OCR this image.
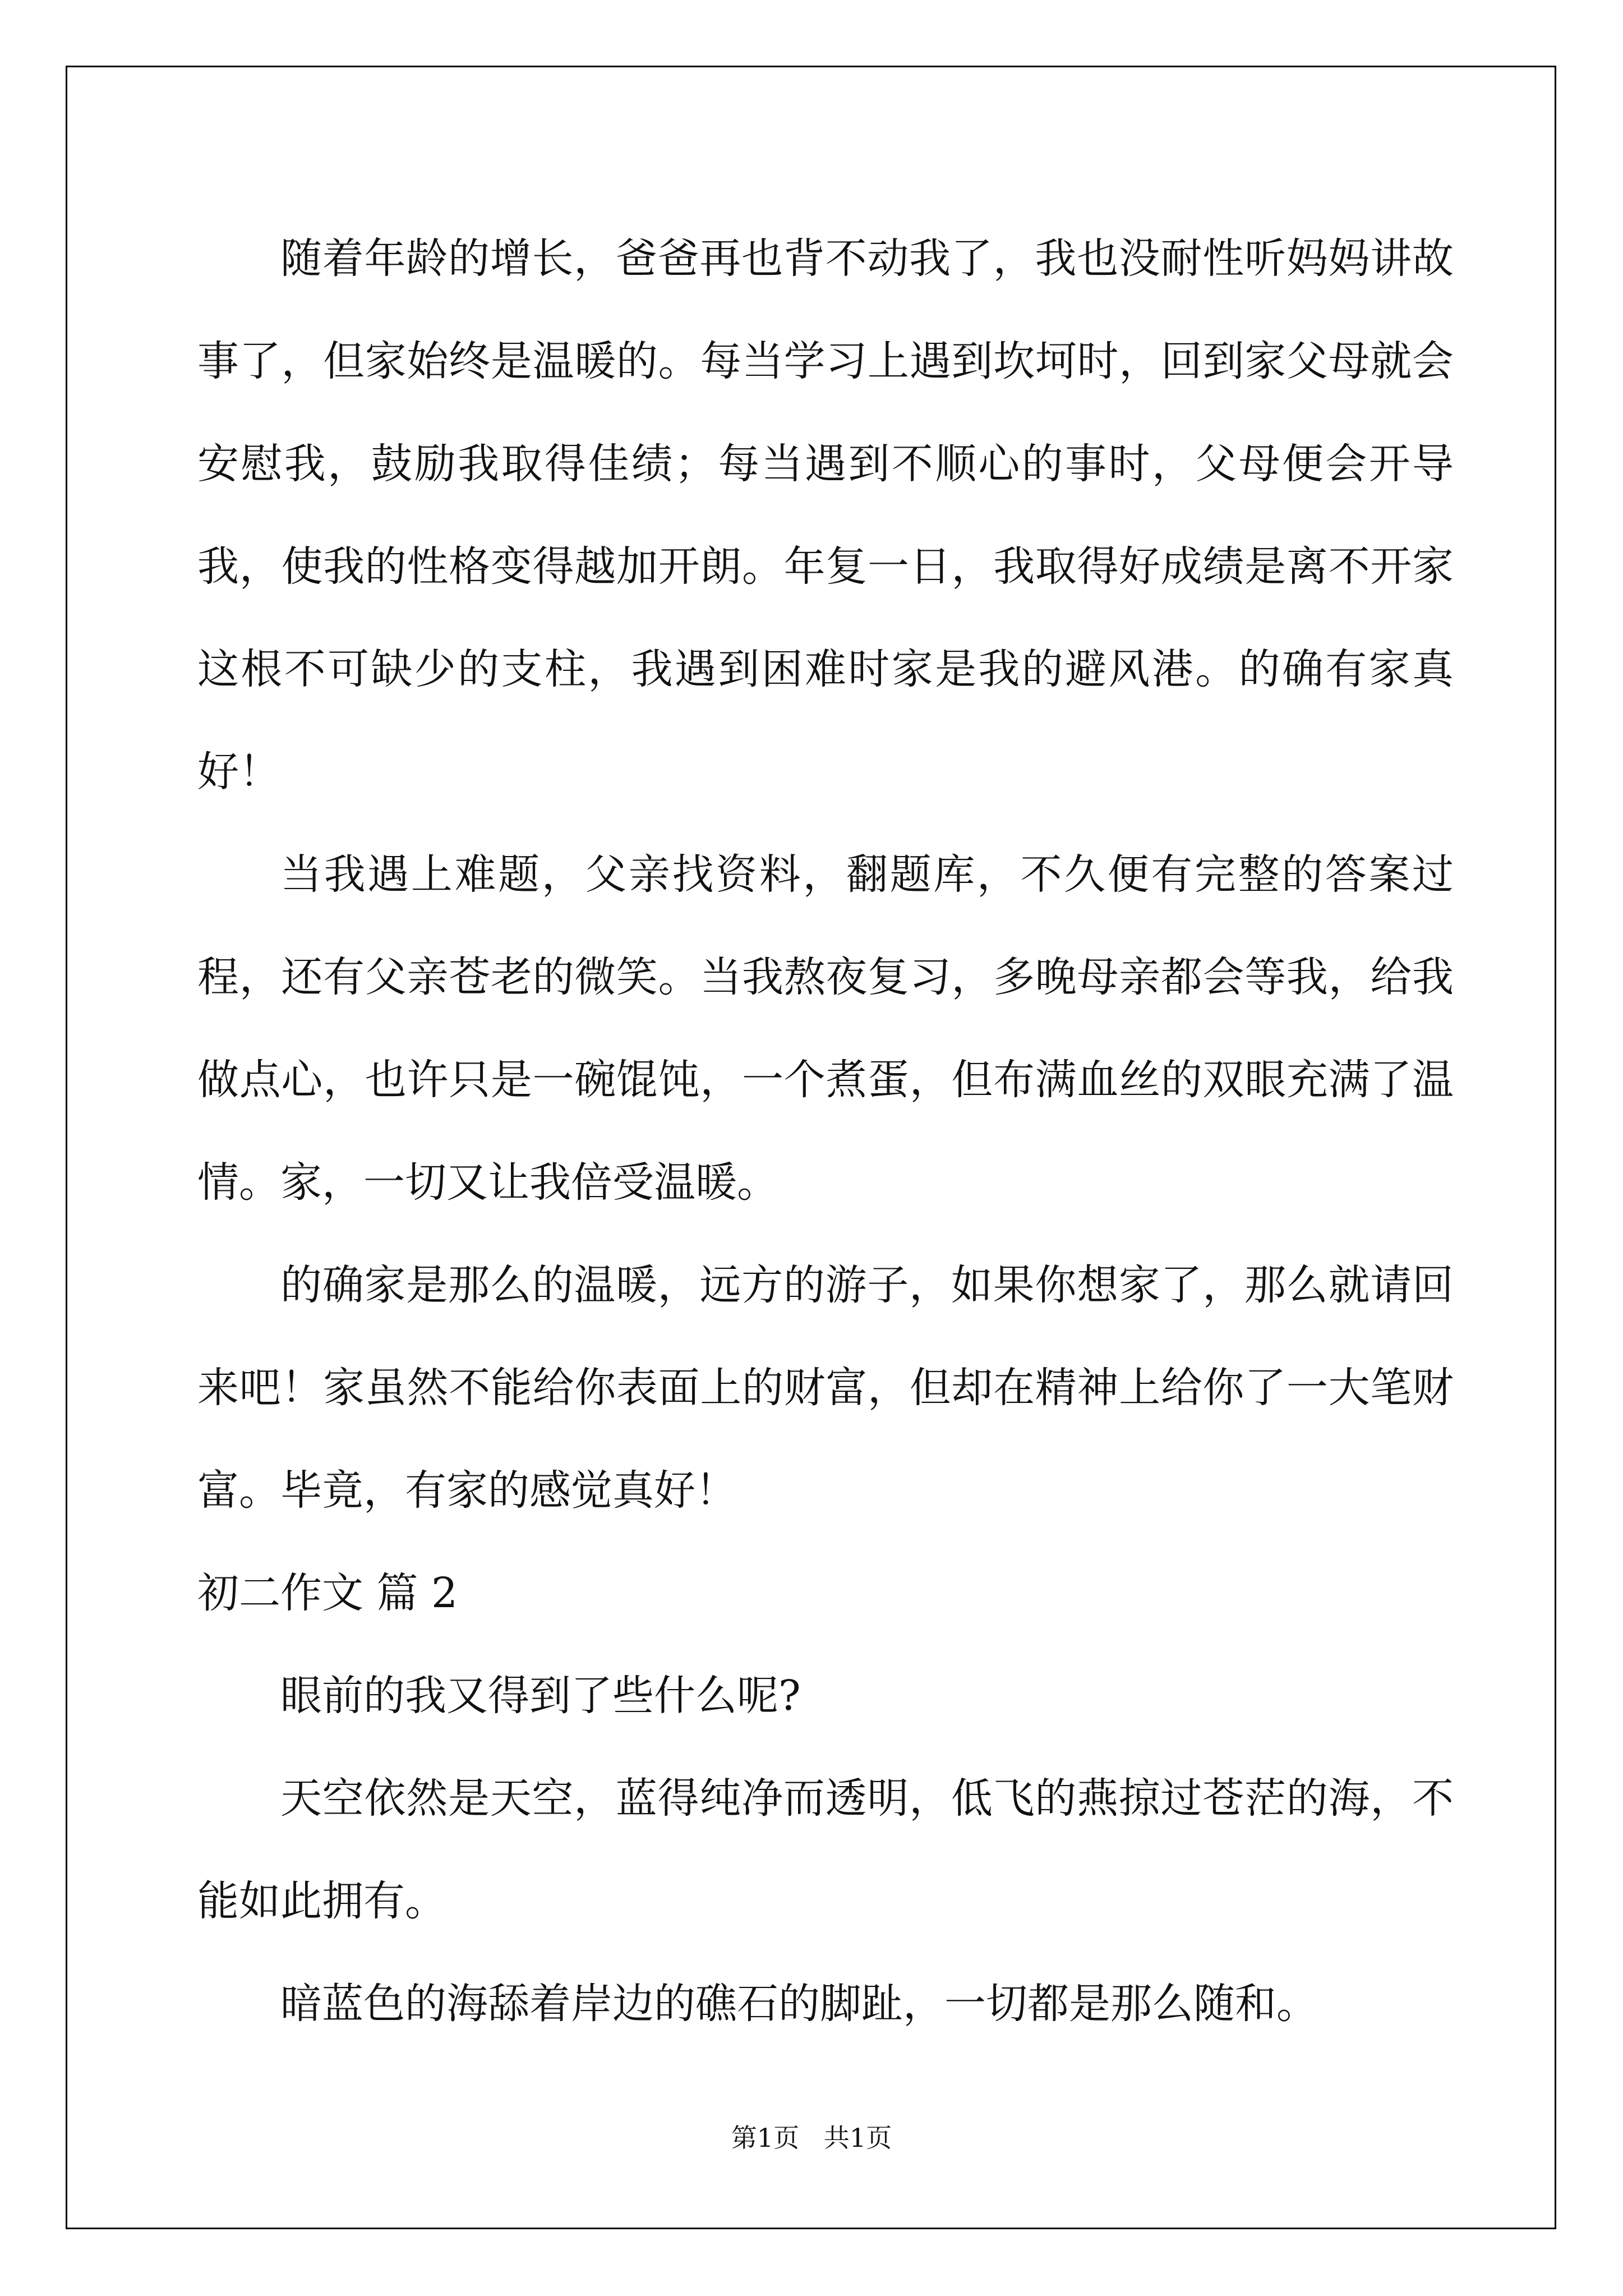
随着年龄的增长，爸爸再也背不动我了，我也没耐性听妈妈讲故事了，但家始终是温暖的。每当学习上遇到坎坷时，回到家父母就会安慰我，鼓励我取得佳绩；每当遇到不顺心的事时，父母便会开导我，使我的性格变得越加开朗。年复一日，我取得好成绩是离不开家这根不可缺少的支柱，我遇到困难时家是我的避风港。的确有家真好！

当我遇上难题，父亲找资料，翻题库，不久便有完整的答案过程，还有父亲苍老的微笑。当我熬夜复习，多晚母亲都会等我，给我做点心，也许只是一碗馄饨，一个煮蛋，但布满血丝的双眼充满了温情。家，一切又让我倍受温暖。

的确家是那么的温暖，远方的游子，如果你想家了，那么就请回来吧！家虽然不能给你表面上的财富，但却在精神上给你了一大笔财富。毕竟，有家的感觉真好！

初二作文 篇 2

眼前的我又得到了些什么呢?

天空依然是天空，蓝得纯净而透明，低飞的燕掠过苍茫的海，不能如此拥有。

暗蓝色的海舔着岸边的礁石的脚趾，一切都是那么随和。

第1页   共1页
